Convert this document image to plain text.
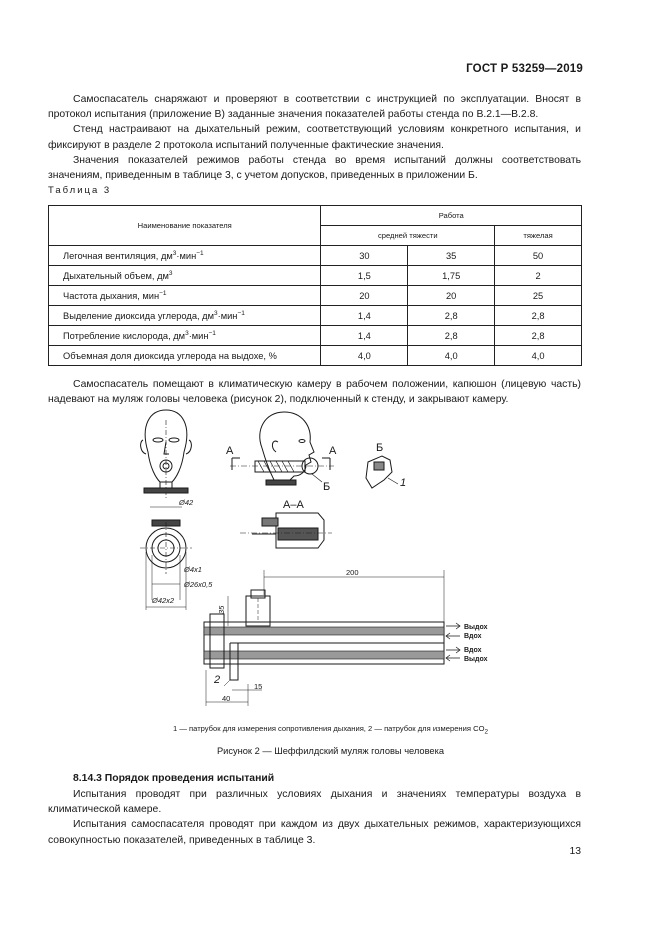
ГОСТ Р 53259—2019

Самоспасатель снаряжают и проверяют в соответствии с инструкцией по эксплуатации. Вносят в протокол испытания (приложение В) заданные значения показателей работы стенда по В.2.1—В.2.8.

Стенд настраивают на дыхательный режим, соответствующий условиям конкретного испытания, и фиксируют в разделе 2 протокола испытаний полученные фактические значения.

Значения показателей режимов работы стенда во время испытаний должны соответствовать значениям, приведенным в таблице 3, с учетом допусков, приведенных в приложении Б.

Таблица 3
Наименование показателя	Работа		
	средней тяжести		тяжелая
Легочная вентиляция, $дм^3\cdot мин^{-1}$	30	35	50
Дыхательный объем, $дм^3$	1,5	1,75	2
Частота дыхания, мин$^{-1}$	20	20	25
Выделение диоксида углерода, $дм^3\cdot мин^{-1}$	1,4	2,8	2,8
Потребление кислорода, $дм^3\cdot мин^{-1}$	1,4	2,8	2,8
Объемная доля диоксида углерода на выдохе, %	4,0	4,0	4,0

Самоспасатель помещают в климатическую камеру в рабочем положении, капюшон (лицевую часть) надевают на муляж головы человека (рисунок 2), подключенный к стенду, и закрывают камеру.

А	А
Б
Б
1
А–А
2
Ø42
Ø4х1
Ø26х0,5
Ø42х2
200
35
15
40
Выдох
Вдох
Вдох
Выдох
1 — патрубок для измерения сопротивления дыхания, 2 — патрубок для измерения $CO_2$
Рисунок 2 — Шеффилдский муляж головы человека
8.14.3 Порядок проведения испытаний

Испытания проводят при различных условиях дыхания и значениях температуры воздуха в климатической камере.

Испытания самоспасателя проводят при каждом из двух дыхательных режимов, характеризующихся совокупностью показателей, приведенных в таблице 3.

13
